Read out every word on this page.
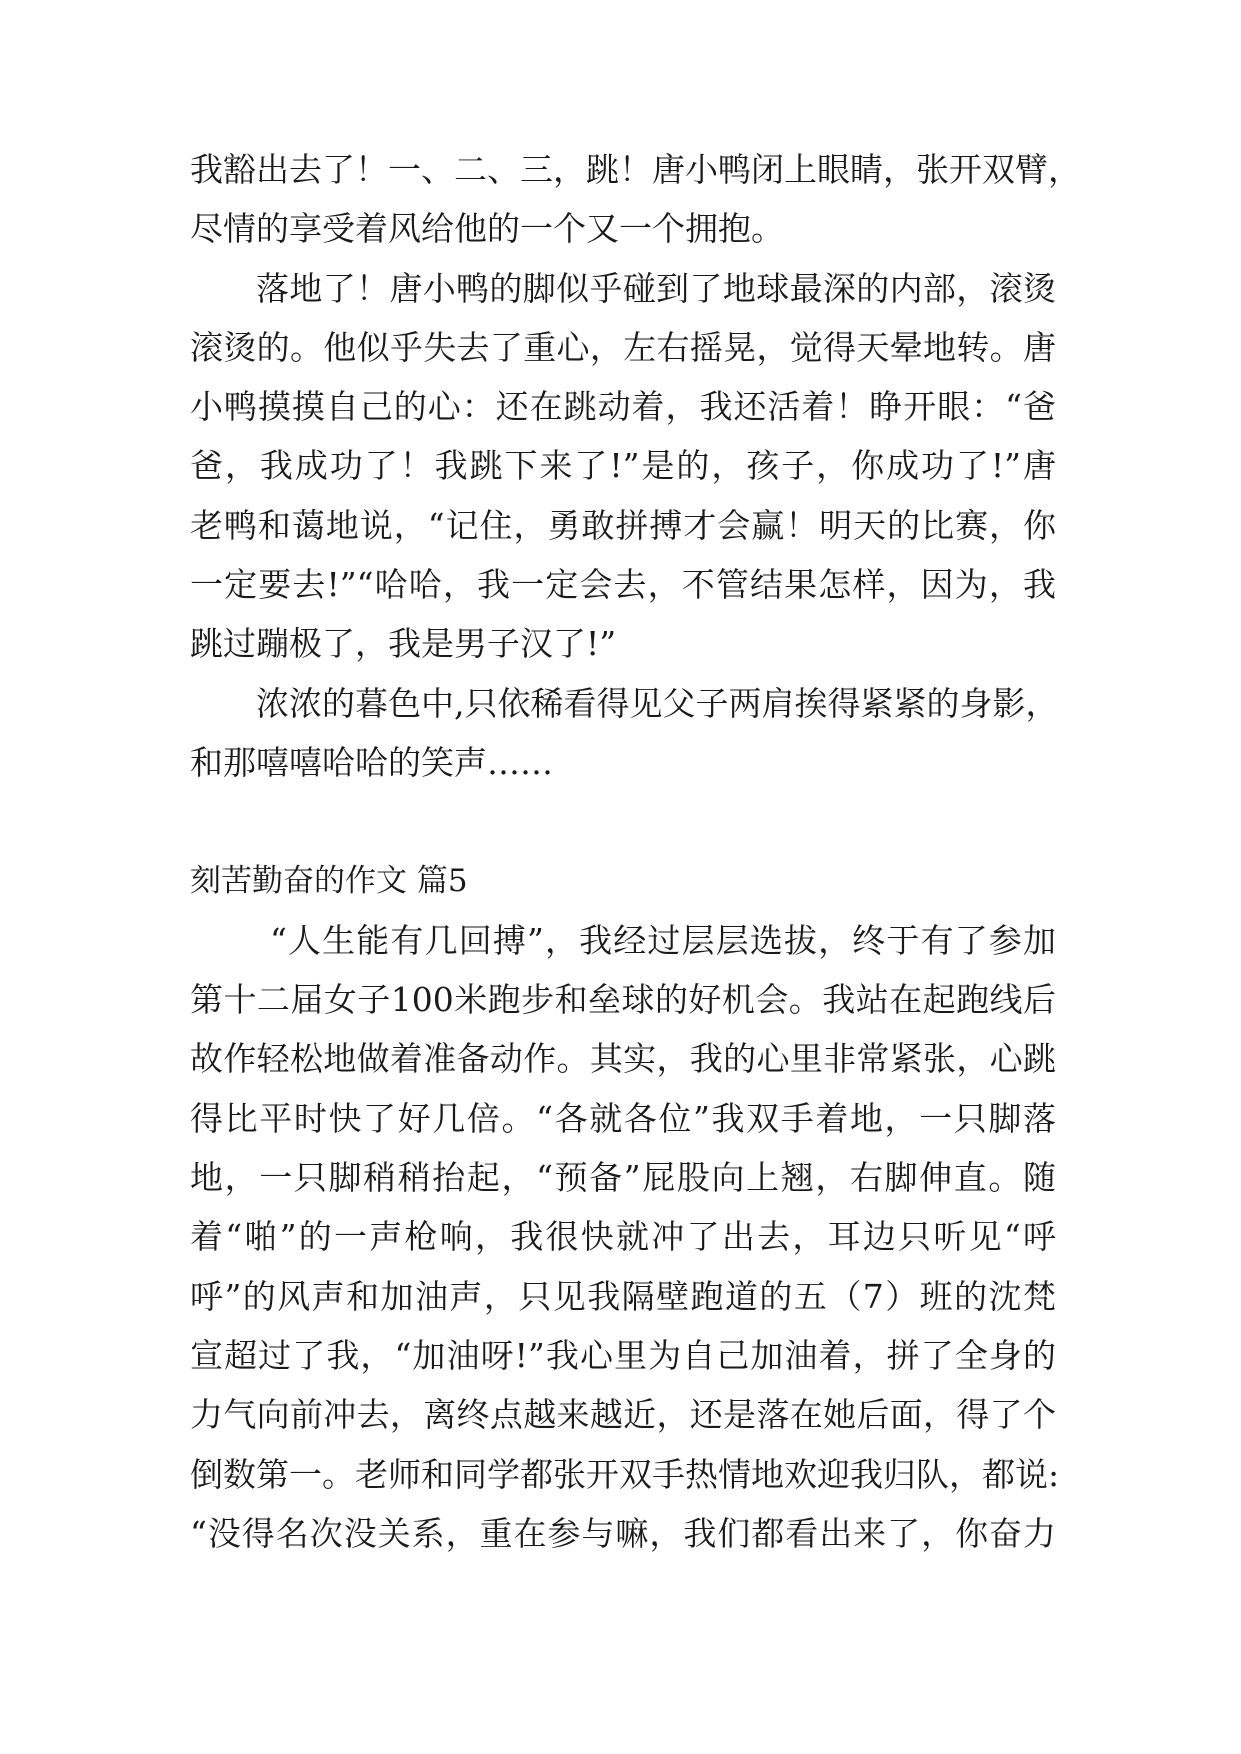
我豁出去了！一、二、三，跳！唐小鸭闭上眼睛，张开双臂，
尽情的享受着风给他的一个又一个拥抱。
落地了！唐小鸭的脚似乎碰到了地球最深的内部，滚烫
滚烫的。他似乎失去了重心，左右摇晃，觉得天晕地转。唐
小鸭摸摸自己的心：还在跳动着，我还活着！睁开眼：“爸
爸，我成功了！我跳下来了!”是的，孩子，你成功了!”唐
老鸭和蔼地说，“记住，勇敢拼搏才会赢！明天的比赛，你
一定要去!”“哈哈，我一定会去，不管结果怎样，因为，我
跳过蹦极了，我是男子汉了!”
浓浓的暮色中,只依稀看得见父子两肩挨得紧紧的身影，
和那嘻嘻哈哈的笑声……
刻苦勤奋的作文 篇5
“人生能有几回搏”，我经过层层选拔，终于有了参加
第十二届女子100米跑步和垒球的好机会。我站在起跑线后
故作轻松地做着准备动作。其实，我的心里非常紧张，心跳
得比平时快了好几倍。“各就各位”我双手着地，一只脚落
地，一只脚稍稍抬起，“预备”屁股向上翘，右脚伸直。随
着“啪”的一声枪响，我很快就冲了出去，耳边只听见“呼
呼”的风声和加油声，只见我隔壁跑道的五（7）班的沈梵
宣超过了我，“加油呀!”我心里为自己加油着，拼了全身的
力气向前冲去，离终点越来越近，还是落在她后面，得了个
倒数第一。老师和同学都张开双手热情地欢迎我归队，都说:
“没得名次没关系，重在参与嘛，我们都看出来了，你奋力
